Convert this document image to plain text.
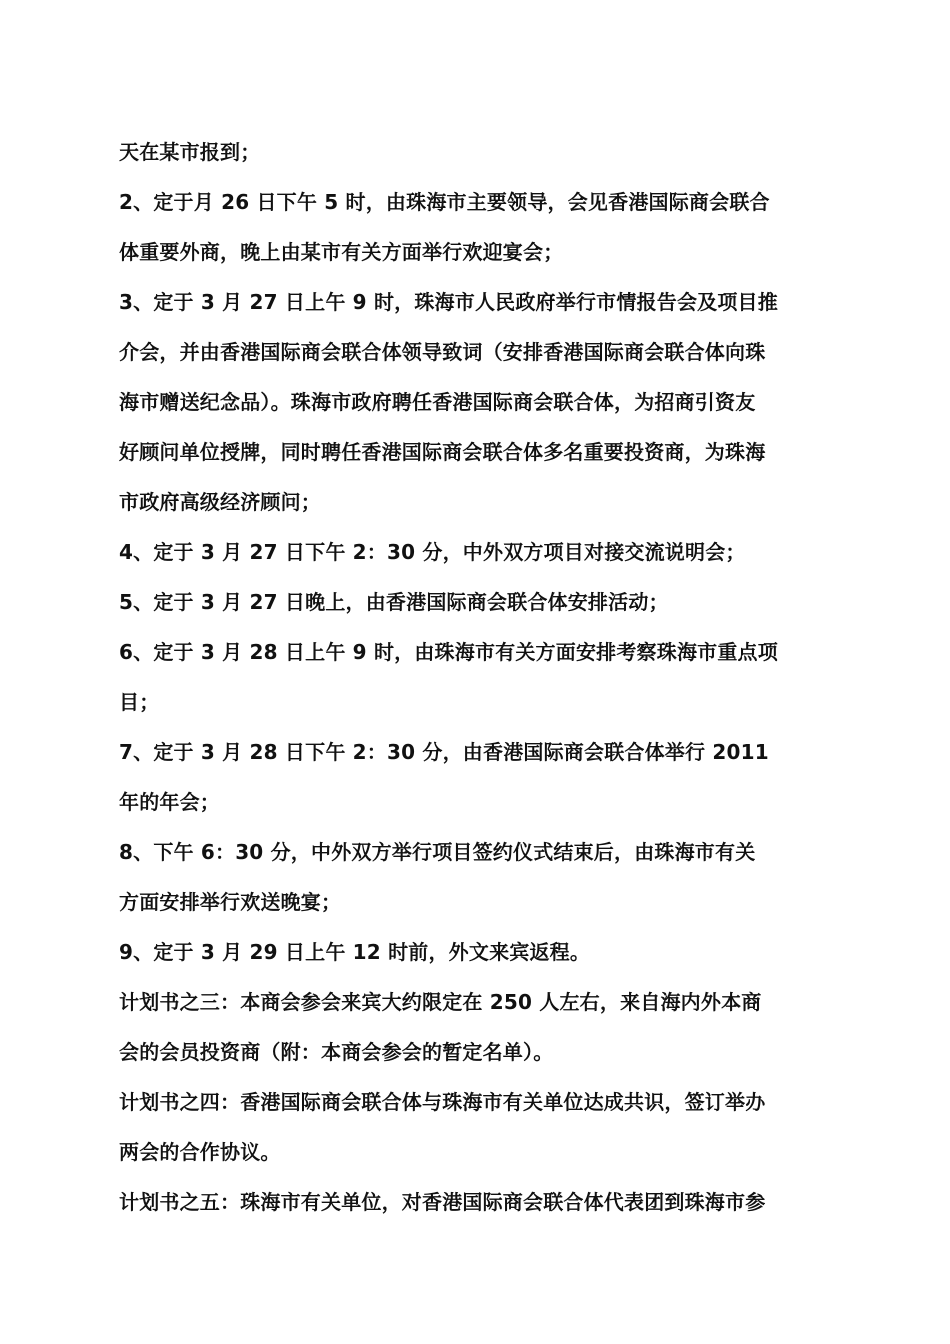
天在某市报到；

2、定于月 26 日下午 5 时，由珠海市主要领导，会见香港国际商会联合
体重要外商，晚上由某市有关方面举行欢迎宴会；

3、定于 3 月 27 日上午 9 时，珠海市人民政府举行市情报告会及项目推
介会，并由香港国际商会联合体领导致词（安排香港国际商会联合体向珠
海市赠送纪念品）。珠海市政府聘任香港国际商会联合体，为招商引资友
好顾问单位授牌，同时聘任香港国际商会联合体多名重要投资商，为珠海
市政府高级经济顾问；

4、定于 3 月 27 日下午 2：30 分，中外双方项目对接交流说明会；

5、定于 3 月 27 日晚上，由香港国际商会联合体安排活动；

6、定于 3 月 28 日上午 9 时，由珠海市有关方面安排考察珠海市重点项
目；

7、定于 3 月 28 日下午 2：30 分，由香港国际商会联合体举行 2011
年的年会；

8、下午 6：30 分，中外双方举行项目签约仪式结束后，由珠海市有关
方面安排举行欢送晚宴；

9、定于 3 月 29 日上午 12 时前，外文来宾返程。

计划书之三：本商会参会来宾大约限定在 250 人左右，来自海内外本商
会的会员投资商（附：本商会参会的暂定名单）。

计划书之四：香港国际商会联合体与珠海市有关单位达成共识，签订举办
两会的合作协议。

计划书之五：珠海市有关单位，对香港国际商会联合体代表团到珠海市参
